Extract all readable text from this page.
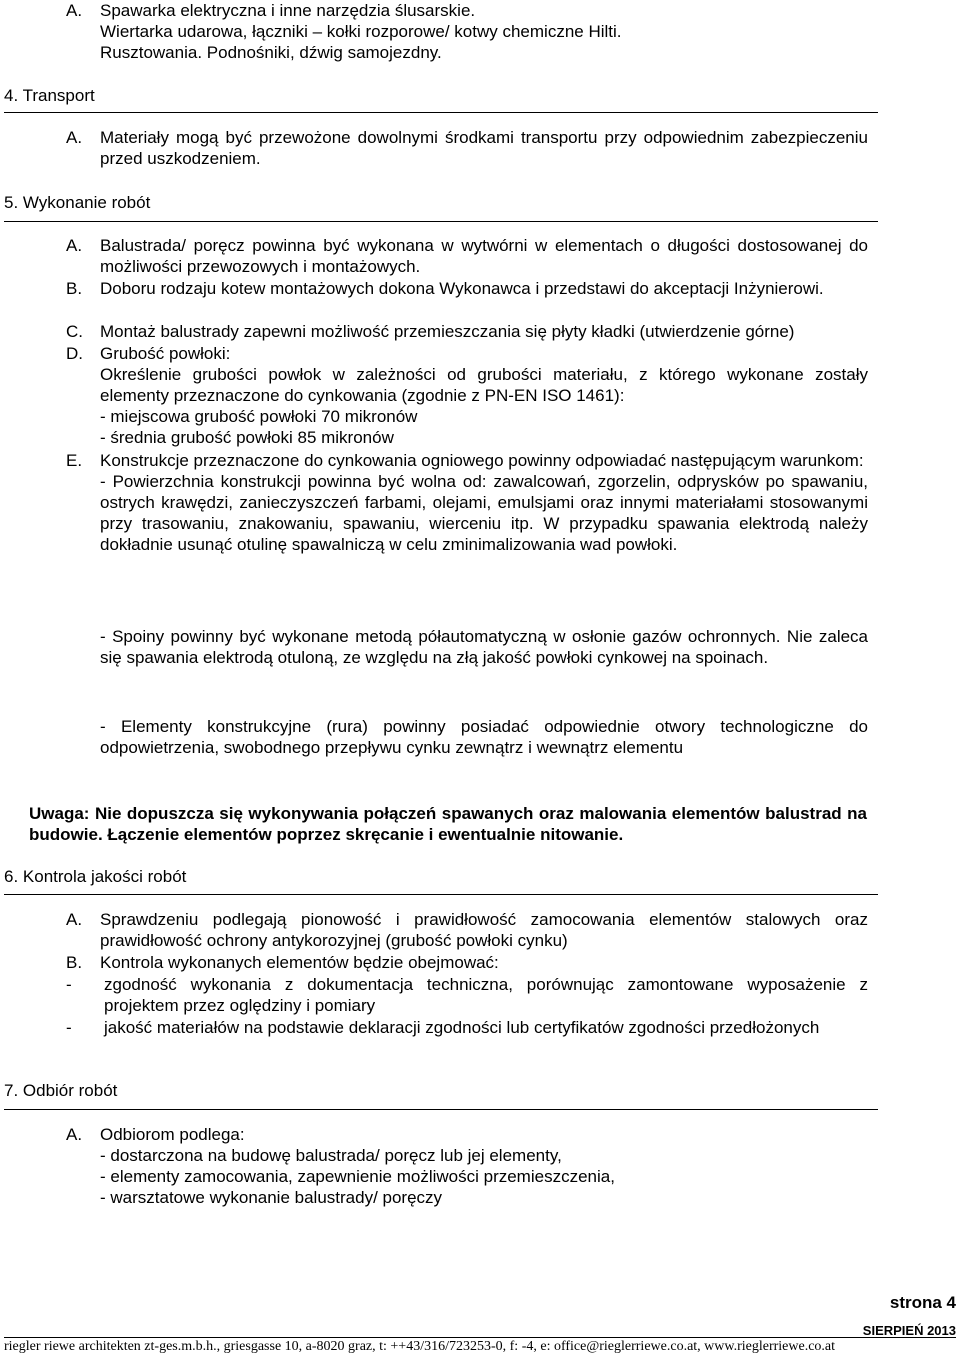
A. Spawarka elektryczna i inne narzędzia ślusarskie.
Wiertarka udarowa, łączniki – kołki rozporowe/ kotwy chemiczne Hilti.
Rusztowania. Podnośniki, dźwig samojezdny.
4. Transport
A. Materiały mogą być przewożone dowolnymi środkami transportu przy odpowiednim zabezpieczeniu przed uszkodzeniem.
5. Wykonanie robót
A. Balustrada/ poręcz powinna być wykonana w wytwórni w elementach o długości dostosowanej do możliwości przewozowych i montażowych.
B. Doboru rodzaju kotew montażowych dokona Wykonawca i przedstawi do akceptacji Inżynierowi.
C. Montaż balustrady zapewni możliwość przemieszczania się płyty kładki (utwierdzenie górne)
D. Grubość powłoki:
Określenie grubości powłok w zależności od grubości materiału, z którego wykonane zostały elementy przeznaczone do cynkowania (zgodnie z PN-EN ISO 1461):
- miejscowa grubość powłoki 70 mikronów
- średnia grubość powłoki 85 mikronów
E. Konstrukcje przeznaczone do cynkowania ogniowego powinny odpowiadać następującym warunkom:
- Powierzchnia konstrukcji powinna być wolna od: zawalcowań, zgorzelin, odprysków po spawaniu, ostrych krawędzi, zanieczyszczeń farbami, olejami, emulsjami oraz innymi materiałami stosowanymi przy trasowaniu, znakowaniu, spawaniu, wierceniu itp. W przypadku spawania elektrodą należy dokładnie usunąć otulinę spawalniczą w celu zminimalizowania wad powłoki.
- Spoiny powinny być wykonane metodą półautomatyczną w osłonie gazów ochronnych. Nie zaleca się spawania elektrodą otuloną, ze względu na złą jakość powłoki cynkowej na spoinach.
- Elementy konstrukcyjne (rura) powinny posiadać odpowiednie otwory technologiczne do odpowietrzenia, swobodnego przepływu cynku zewnątrz i wewnątrz elementu
Uwaga: Nie dopuszcza się wykonywania połączeń spawanych oraz malowania elementów balustrad na budowie. Łączenie elementów poprzez skręcanie i ewentualnie nitowanie.
6. Kontrola jakości robót
A. Sprawdzeniu podlegają pionowość i prawidłowość zamocowania elementów stalowych oraz prawidłowość ochrony antykorozyjnej (grubość powłoki cynku)
B. Kontrola wykonanych elementów będzie obejmować:
- zgodność wykonania z dokumentacja techniczna, porównując zamontowane wyposażenie z projektem przez oględziny i pomiary
- jakość materiałów na podstawie deklaracji zgodności lub certyfikatów zgodności przedłożonych
7. Odbiór robót
A. Odbiorom podlega:
- dostarczona na budowę balustrada/ poręcz lub jej elementy,
- elementy zamocowania, zapewnienie możliwości przemieszczenia,
- warsztatowe wykonanie balustrady/ poręczy
strona 4
SIERPIEŃ 2013
riegler riewe architekten zt-ges.m.b.h., griesgasse 10, a-8020 graz, t: ++43/316/723253-0, f: -4, e: office@rieglerriewe.co.at, www.rieglerriewe.co.at
